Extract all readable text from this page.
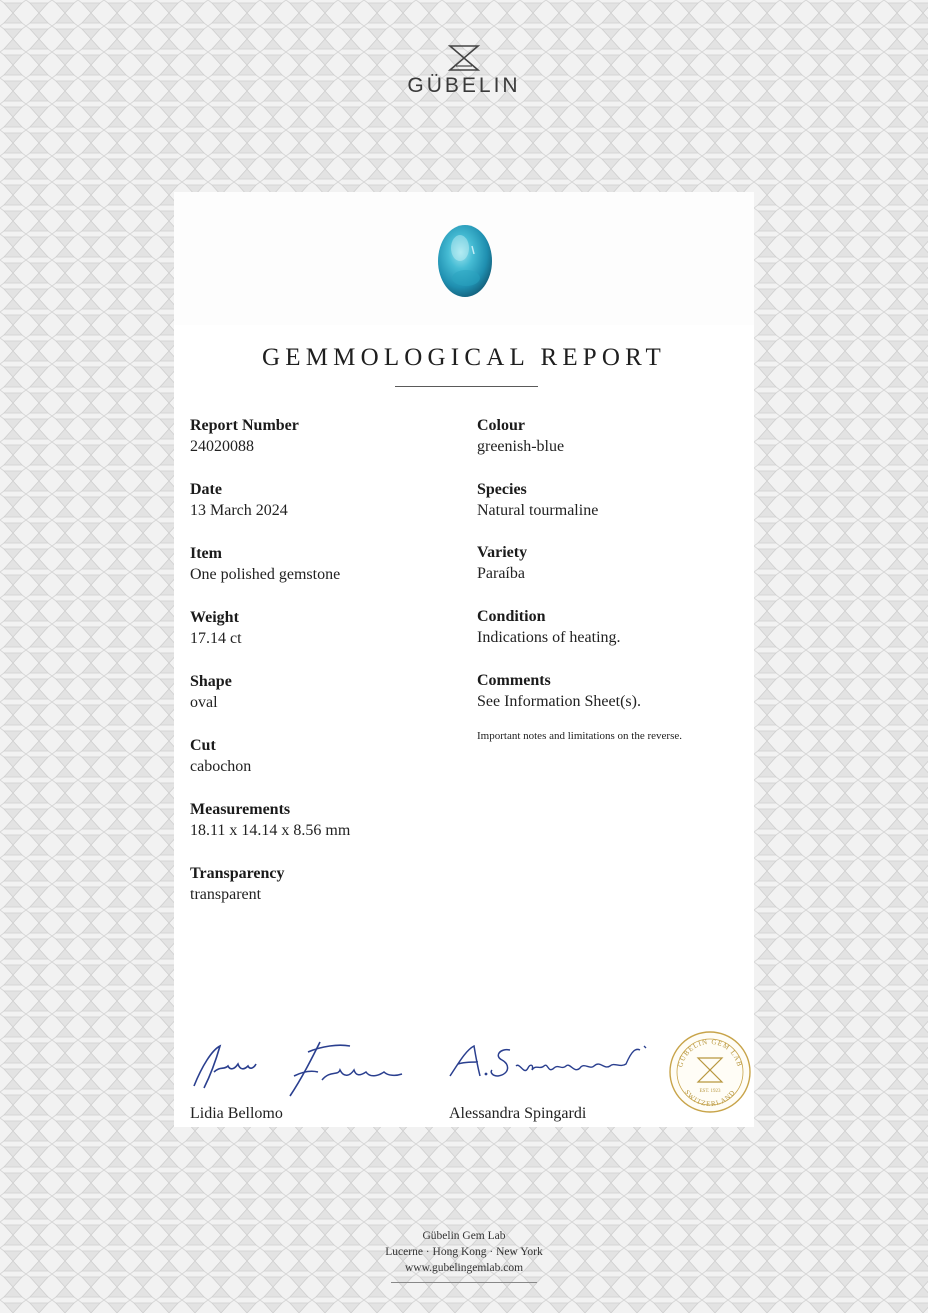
GÜBELIN
GEMMOLOGICAL REPORT
Report Number
24020088
Date
13 March 2024
Item
One polished gemstone
Weight
17.14 ct
Shape
oval
Cut
cabochon
Measurements
18.11 x 14.14 x 8.56 mm
Transparency
transparent
Colour
greenish-blue
Species
Natural tourmaline
Variety
Paraíba
Condition
Indications of heating.
Comments
See Information Sheet(s).
Important notes and limitations on the reverse.
Lidia Bellomo	Alessandra Spingardi
GÜBELIN GEM LAB
SWITZERLAND
EST. 1923
Gübelin Gem Lab
Lucerne · Hong Kong · New York
www.gubelingemlab.com
